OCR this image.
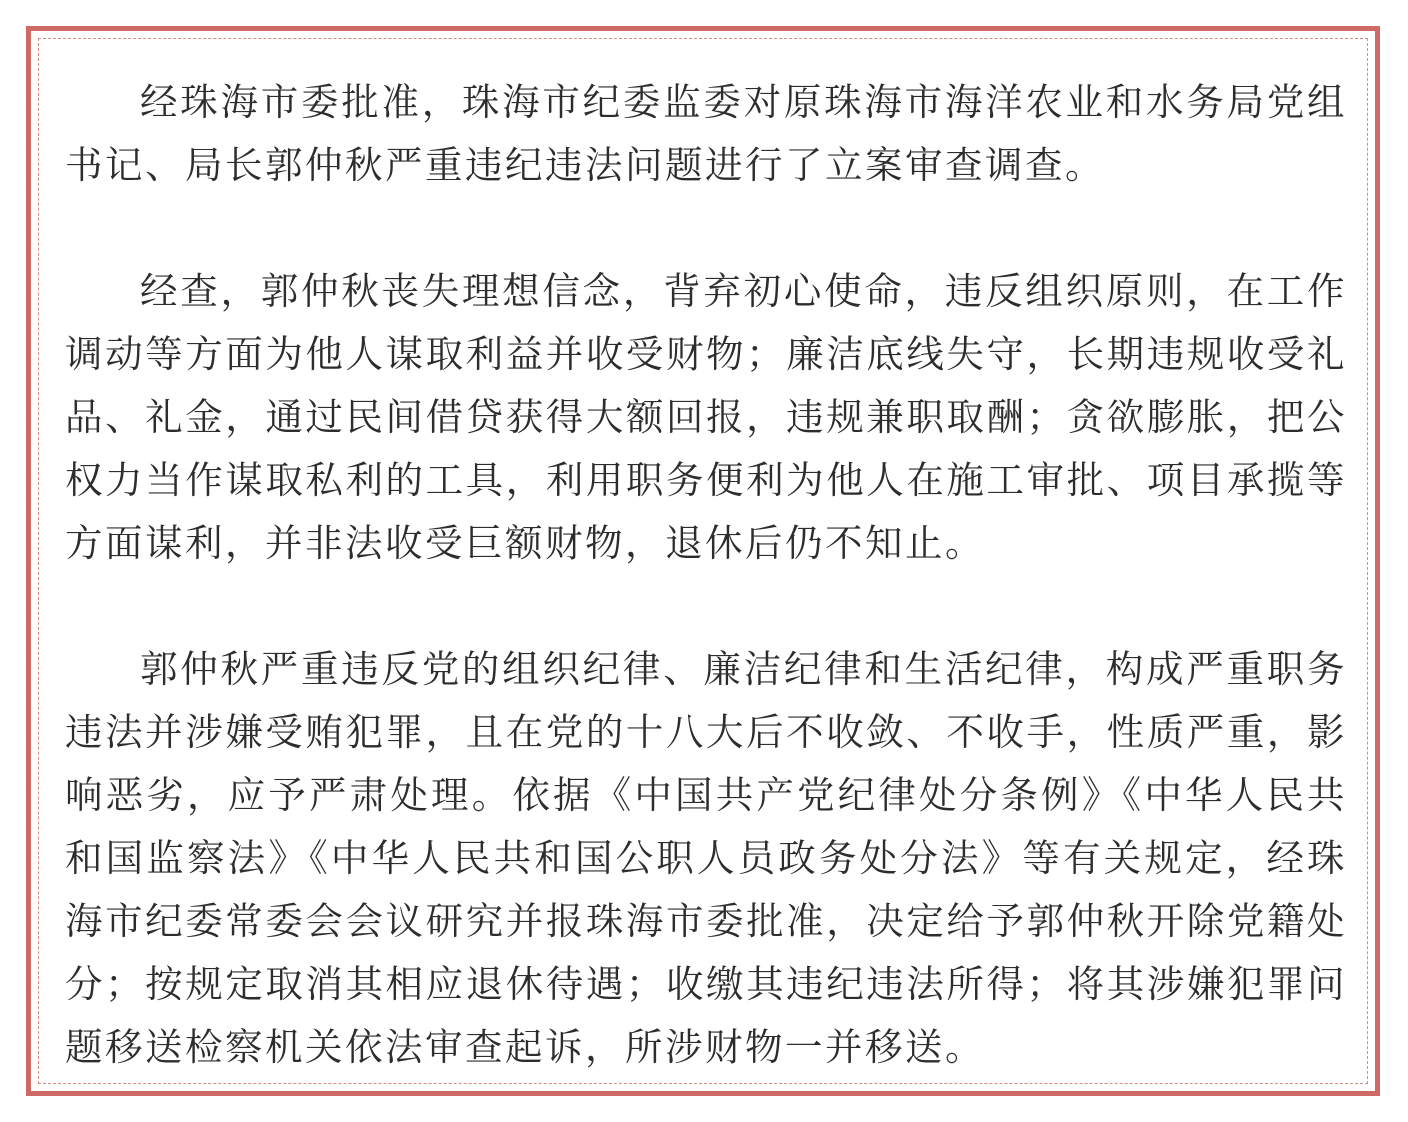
经珠海市委批准，珠海市纪委监委对原珠海市海洋农业和水务局党组书记、局长郭仲秋严重违纪违法问题进行了立案审查调查。

经查，郭仲秋丧失理想信念，背弃初心使命，违反组织原则，在工作调动等方面为他人谋取利益并收受财物；廉洁底线失守，长期违规收受礼品、礼金，通过民间借贷获得大额回报，违规兼职取酬；贪欲膨胀，把公权力当作谋取私利的工具，利用职务便利为他人在施工审批、项目承揽等方面谋利，并非法收受巨额财物，退休后仍不知止。

郭仲秋严重违反党的组织纪律、廉洁纪律和生活纪律，构成严重职务违法并涉嫌受贿犯罪，且在党的十八大后不收敛、不收手，性质严重，影响恶劣，应予严肃处理。依据《中国共产党纪律处分条例》《中华人民共和国监察法》《中华人民共和国公职人员政务处分法》等有关规定，经珠海市纪委常委会会议研究并报珠海市委批准，决定给予郭仲秋开除党籍处分；按规定取消其相应退休待遇；收缴其违纪违法所得；将其涉嫌犯罪问题移送检察机关依法审查起诉，所涉财物一并移送。
